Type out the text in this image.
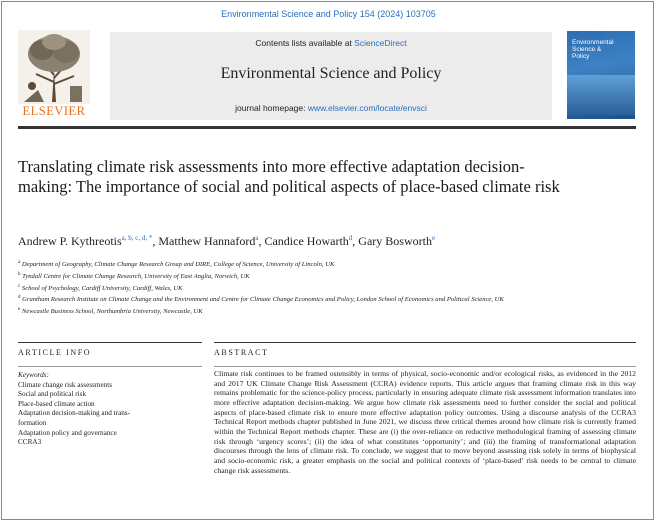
Environmental Science and Policy 154 (2024) 103705
ELSEVIER
Contents lists available at ScienceDirect
Environmental Science and Policy
journal homepage: www.elsevier.com/locate/envsci
Environmental
Science &
Policy
Translating climate risk assessments into more effective adaptation decision-making: The importance of social and political aspects of place-based climate risk
Andrew P. Kythreotis$^{a, b, c, d, *}$, Matthew Hannaford$^a$, Candice Howarth$^d$, Gary Bosworth$^e$
$^a$ Department of Geography, Climate Change Research Group and DIRE, College of Science, University of Lincoln, UK
$^b$ Tyndall Centre for Climate Change Research, University of East Anglia, Norwich, UK
$^c$ School of Psychology, Cardiff University, Cardiff, Wales, UK
$^d$ Grantham Research Institute on Climate Change and the Environment and Centre for Climate Change Economics and Policy, London School of Economics and Political Science, UK
$^e$ Newcastle Business School, Northumbria University, Newcastle, UK
ARTICLE INFO	ABSTRACT
Keywords:
Climate change risk assessments
Social and political risk
Place-based climate action
Adaptation decision-making and trans-
formation
Adaptation policy and governance
CCRA3
Climate risk continues to be framed ostensibly in terms of physical, socio-economic and/or ecological risks, as evidenced in the 2012 and 2017 UK Climate Change Risk Assessment (CCRA) evidence reports. This article argues that framing climate risk in this way remains problematic for the science-policy process, particularly in ensuring adequate climate risk assessment information translates into more effective adaptation decision-making. We argue how climate risk assessments need to further consider the social and political aspects of place-based climate risk to ensure more effective adaptation policy outcomes. Using a discourse analysis of the CCRA3 Technical Report methods chapter published in June 2021, we discuss three critical themes around how climate risk is currently framed within the Technical Report methods chapter. These are (i) the over-reliance on reductive methodological framing of assessing climate risk through ‘urgency scores’; (ii) the idea of what constitutes ‘opportunity’; and (iii) the framing of transformational adaptation discourses through the lens of climate risk. To conclude, we suggest that to move beyond assessing risk solely in terms of biophysical and socio-economic risk, a greater emphasis on the social and political contexts of ‘place-based’ risk needs to be central to climate change risk assessments.
